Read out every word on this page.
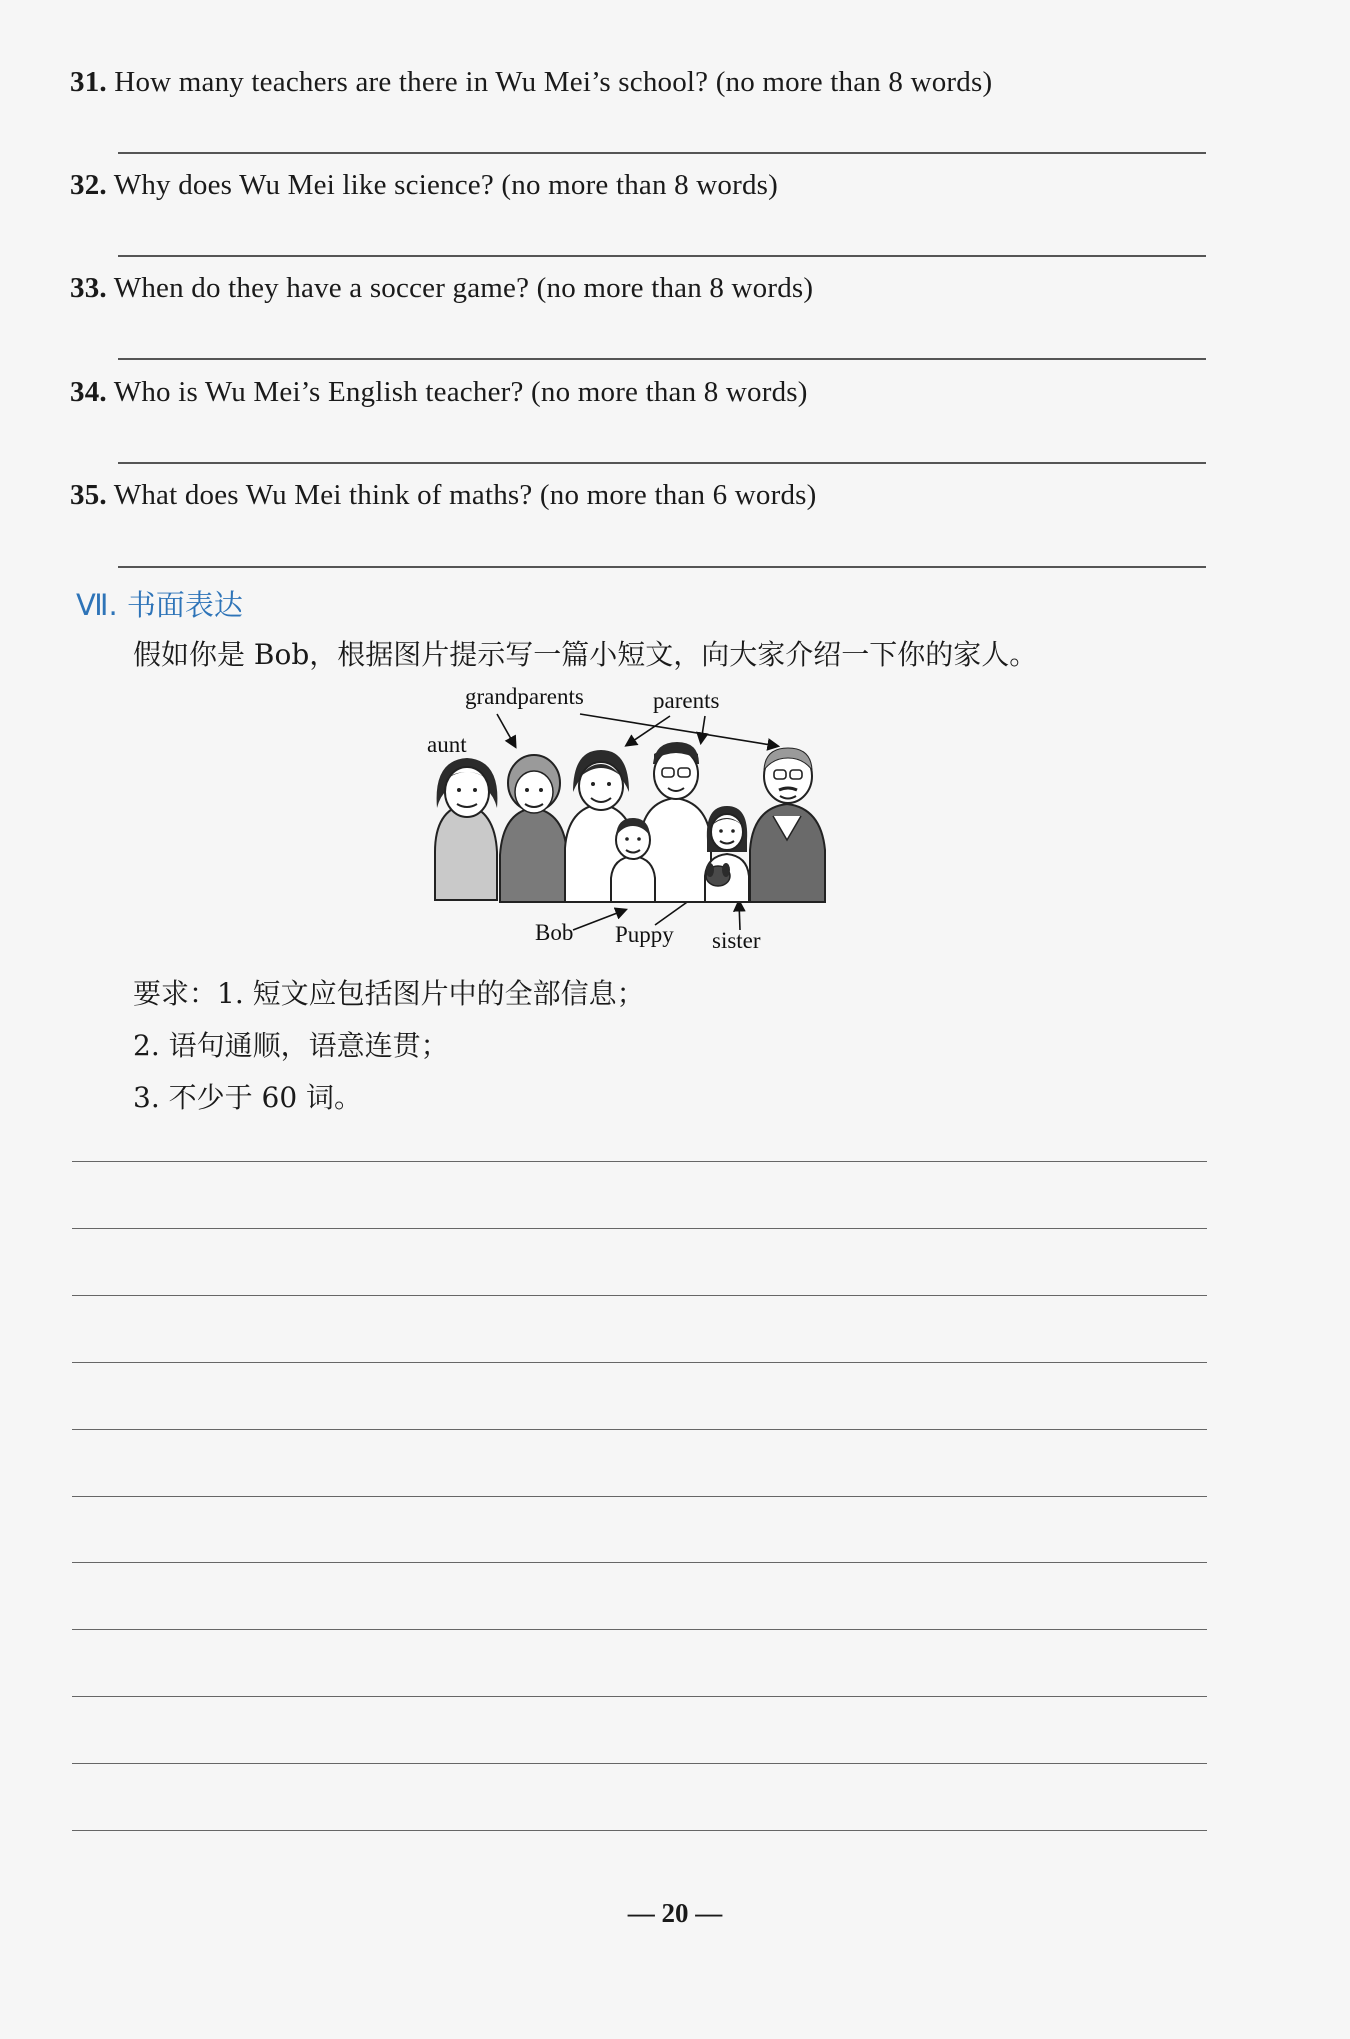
31. How many teachers are there in Wu Mei’s school? (no more than 8 words)
32. Why does Wu Mei like science? (no more than 8 words)
33. When do they have a soccer game? (no more than 8 words)
34. Who is Wu Mei’s English teacher? (no more than 8 words)
35. What does Wu Mei think of maths? (no more than 6 words)
Ⅶ. 书面表达
假如你是 Bob，根据图片提示写一篇小短文，向大家介绍一下你的家人。
grandparents	parents
aunt
Bob Puppy sister
要求：1. 短文应包括图片中的全部信息；
2. 语句通顺，语意连贯；
3. 不少于 60 词。
— 20 —
